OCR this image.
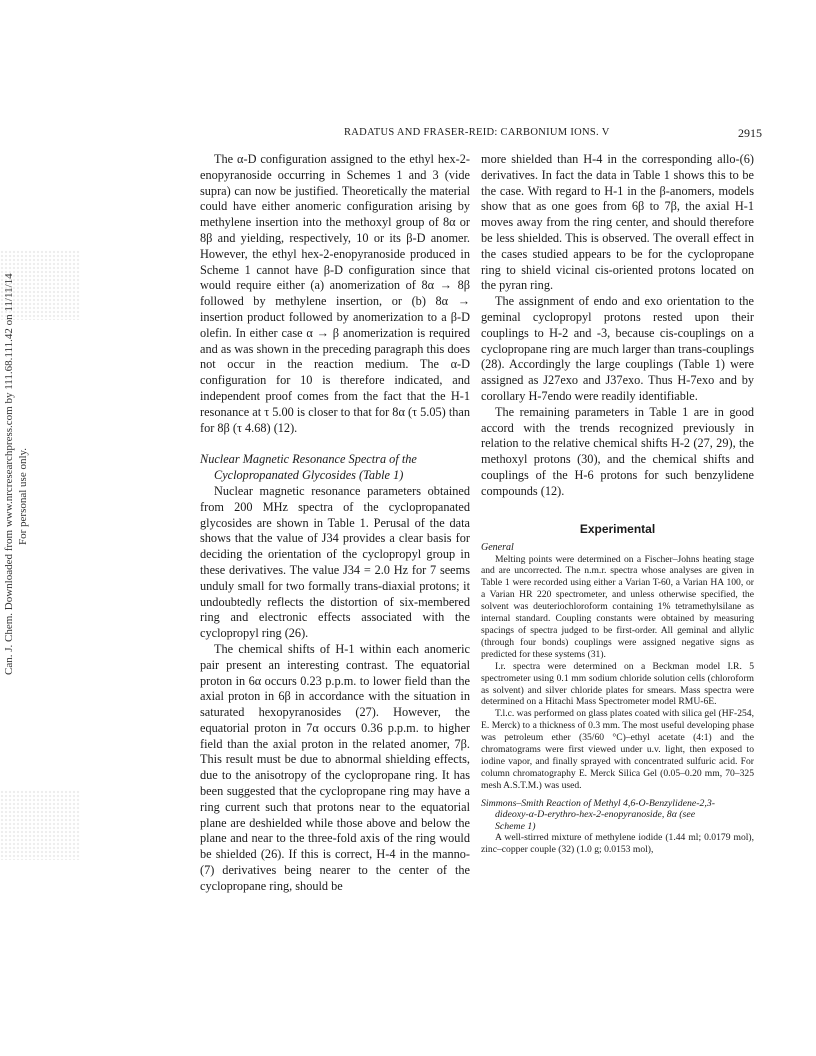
RADATUS AND FRASER-REID: CARBONIUM IONS. V	2915
Can. J. Chem. Downloaded from www.nrcresearchpress.com by 111.68.111.42 on 11/11/14 For personal use only.

The α-D configuration assigned to the ethyl hex-2-enopyranoside occurring in Schemes 1 and 3 (vide supra) can now be justified. Theoretically the material could have either anomeric configuration arising by methylene insertion into the methoxyl group of 8α or 8β and yielding, respectively, 10 or its β-D anomer. However, the ethyl hex-2-enopyranoside produced in Scheme 1 cannot have β-D configuration since that would require either (a) anomerization of 8α → 8β followed by methylene insertion, or (b) 8α → insertion product followed by anomerization to a β-D olefin. In either case α → β anomerization is required and as was shown in the preceding paragraph this does not occur in the reaction medium. The α-D configuration for 10 is therefore indicated, and independent proof comes from the fact that the H-1 resonance at τ 5.00 is closer to that for 8α (τ 5.05) than for 8β (τ 4.68) (12).

Nuclear Magnetic Resonance Spectra of the
Cyclopropanated Glycosides (Table 1)

Nuclear magnetic resonance parameters obtained from 200 MHz spectra of the cyclopropanated glycosides are shown in Table 1. Perusal of the data shows that the value of J34 provides a clear basis for deciding the orientation of the cyclopropyl group in these derivatives. The value J34 = 2.0 Hz for 7 seems unduly small for two formally trans-diaxial protons; it undoubtedly reflects the distortion of six-membered ring and electronic effects associated with the cyclopropyl ring (26).

The chemical shifts of H-1 within each anomeric pair present an interesting contrast. The equatorial proton in 6α occurs 0.23 p.p.m. to lower field than the axial proton in 6β in accordance with the situation in saturated hexopyranosides (27). However, the equatorial proton in 7α occurs 0.36 p.p.m. to higher field than the axial proton in the related anomer, 7β. This result must be due to abnormal shielding effects, due to the anisotropy of the cyclopropane ring. It has been suggested that the cyclopropane ring may have a ring current such that protons near to the equatorial plane are deshielded while those above and below the plane and near to the three-fold axis of the ring would be shielded (26). If this is correct, H-4 in the manno-(7) derivatives being nearer to the center of the cyclopropane ring, should be

more shielded than H-4 in the corresponding allo-(6) derivatives. In fact the data in Table 1 shows this to be the case. With regard to H-1 in the β-anomers, models show that as one goes from 6β to 7β, the axial H-1 moves away from the ring center, and should therefore be less shielded. This is observed. The overall effect in the cases studied appears to be for the cyclopropane ring to shield vicinal cis-oriented protons located on the pyran ring.

The assignment of endo and exo orientation to the geminal cyclopropyl protons rested upon their couplings to H-2 and -3, because cis-couplings on a cyclopropane ring are much larger than trans-couplings (28). Accordingly the large couplings (Table 1) were assigned as J27exo and J37exo. Thus H-7exo and by corollary H-7endo were readily identifiable.

The remaining parameters in Table 1 are in good accord with the trends recognized previously in relation to the relative chemical shifts H-2 (27, 29), the methoxyl protons (30), and the chemical shifts and couplings of the H-6 protons for such benzylidene compounds (12).

Experimental
General

Melting points were determined on a Fischer–Johns heating stage and are uncorrected. The n.m.r. spectra whose analyses are given in Table 1 were recorded using either a Varian T-60, a Varian HA 100, or a Varian HR 220 spectrometer, and unless otherwise specified, the solvent was deuteriochloroform containing 1% tetramethylsilane as internal standard. Coupling constants were obtained by measuring spacings of spectra judged to be first-order. All geminal and allylic (through four bonds) couplings were assigned negative signs as predicted for these systems (31).

I.r. spectra were determined on a Beckman model I.R. 5 spectrometer using 0.1 mm sodium chloride solution cells (chloroform as solvent) and silver chloride plates for smears. Mass spectra were determined on a Hitachi Mass Spectrometer model RMU-6E.

T.l.c. was performed on glass plates coated with silica gel (HF-254, E. Merck) to a thickness of 0.3 mm. The most useful developing phase was petroleum ether (35/60 °C)–ethyl acetate (4:1) and the chromatograms were first viewed under u.v. light, then exposed to iodine vapor, and finally sprayed with concentrated sulfuric acid. For column chromatography E. Merck Silica Gel (0.05–0.20 mm, 70–325 mesh A.S.T.M.) was used.

Simmons–Smith Reaction of Methyl 4,6-O-Benzylidene-2,3-
dideoxy-α-D-erythro-hex-2-enopyranoside, 8α (see
Scheme 1)

A well-stirred mixture of methylene iodide (1.44 ml; 0.0179 mol), zinc–copper couple (32) (1.0 g; 0.0153 mol),
